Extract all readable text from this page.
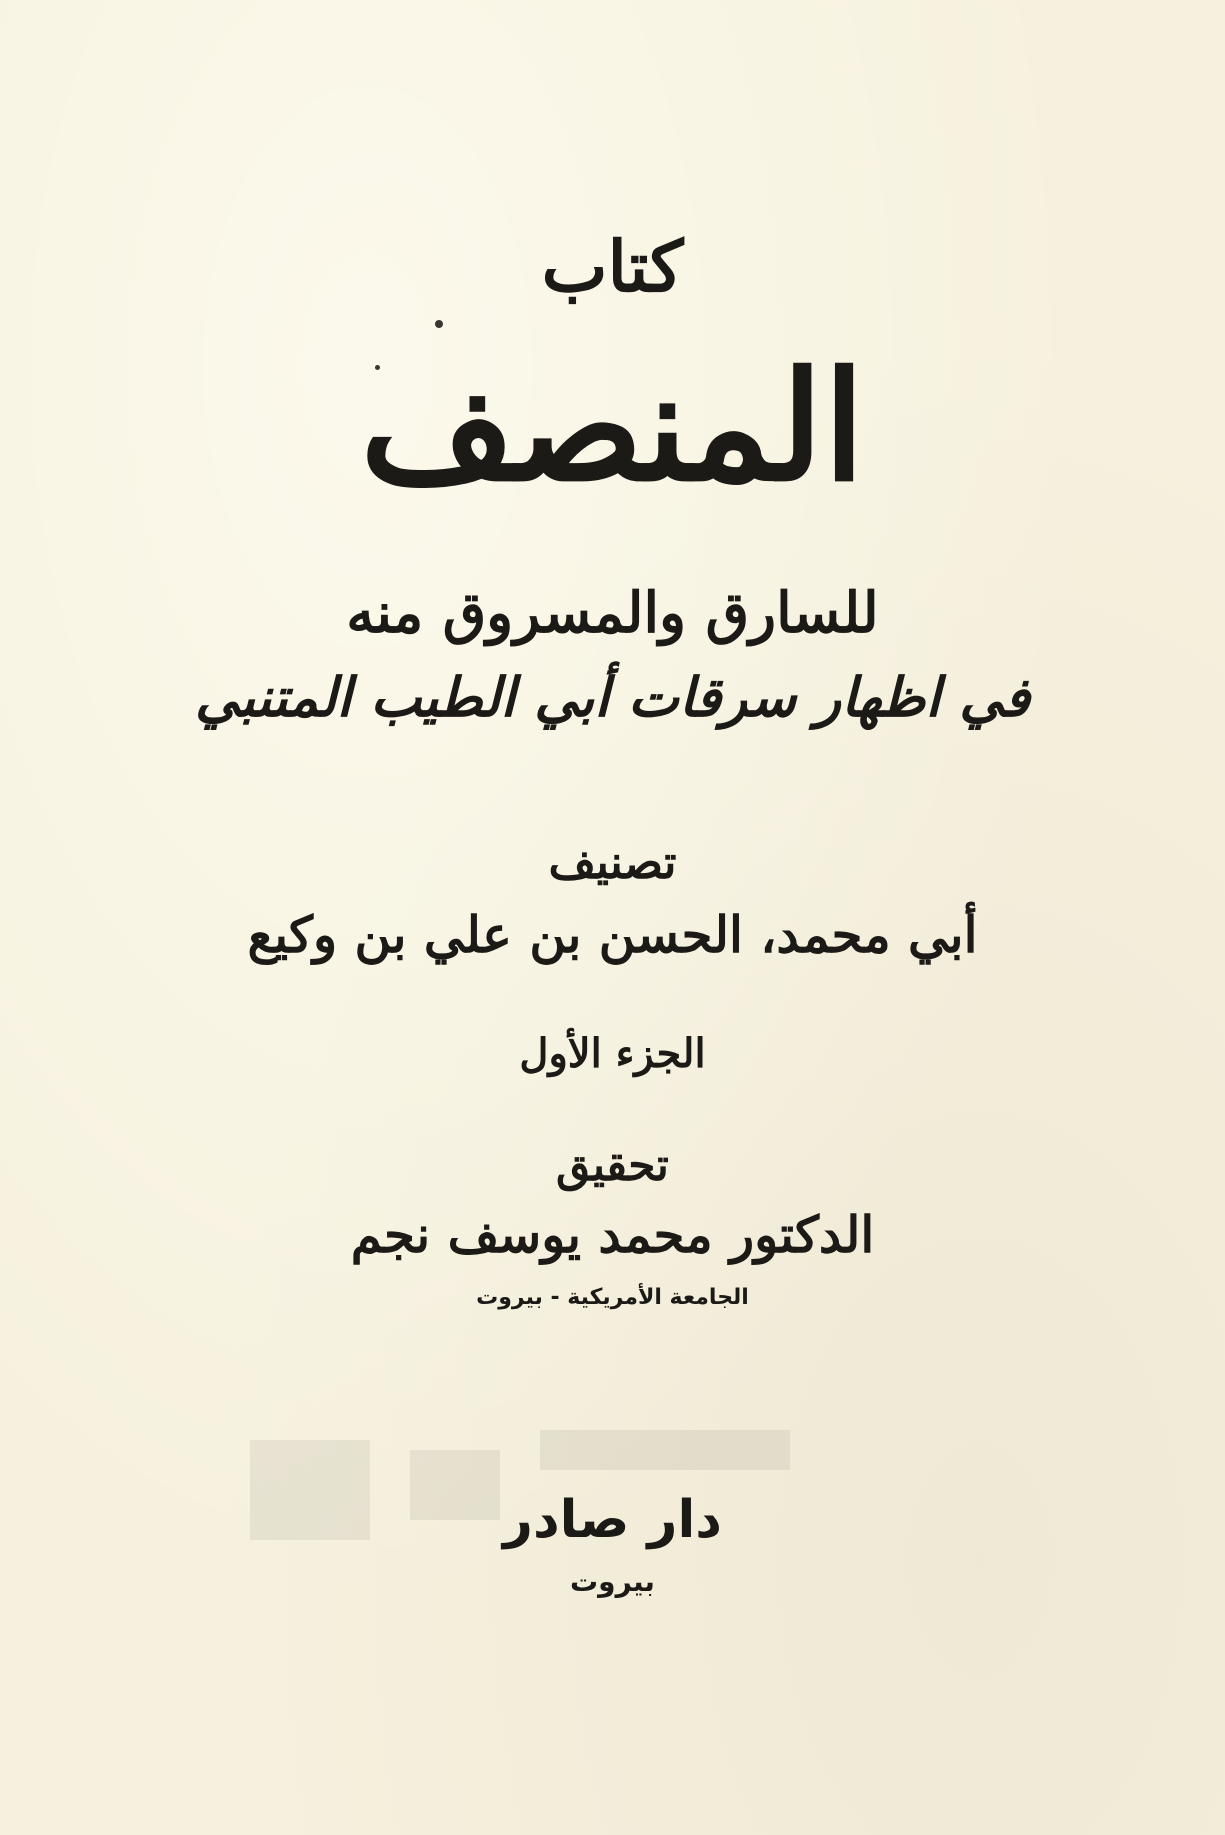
كتاب
المنصف
للسارق والمسروق منه
في اظهار سرقات أبي الطيب المتنبي
تصنيف
أبي محمد، الحسن بن علي بن وكيع
الجزء الأول
تحقيق
الدكتور محمد يوسف نجم
الجامعة الأمريكية - بيروت
دار صادر
بيروت
